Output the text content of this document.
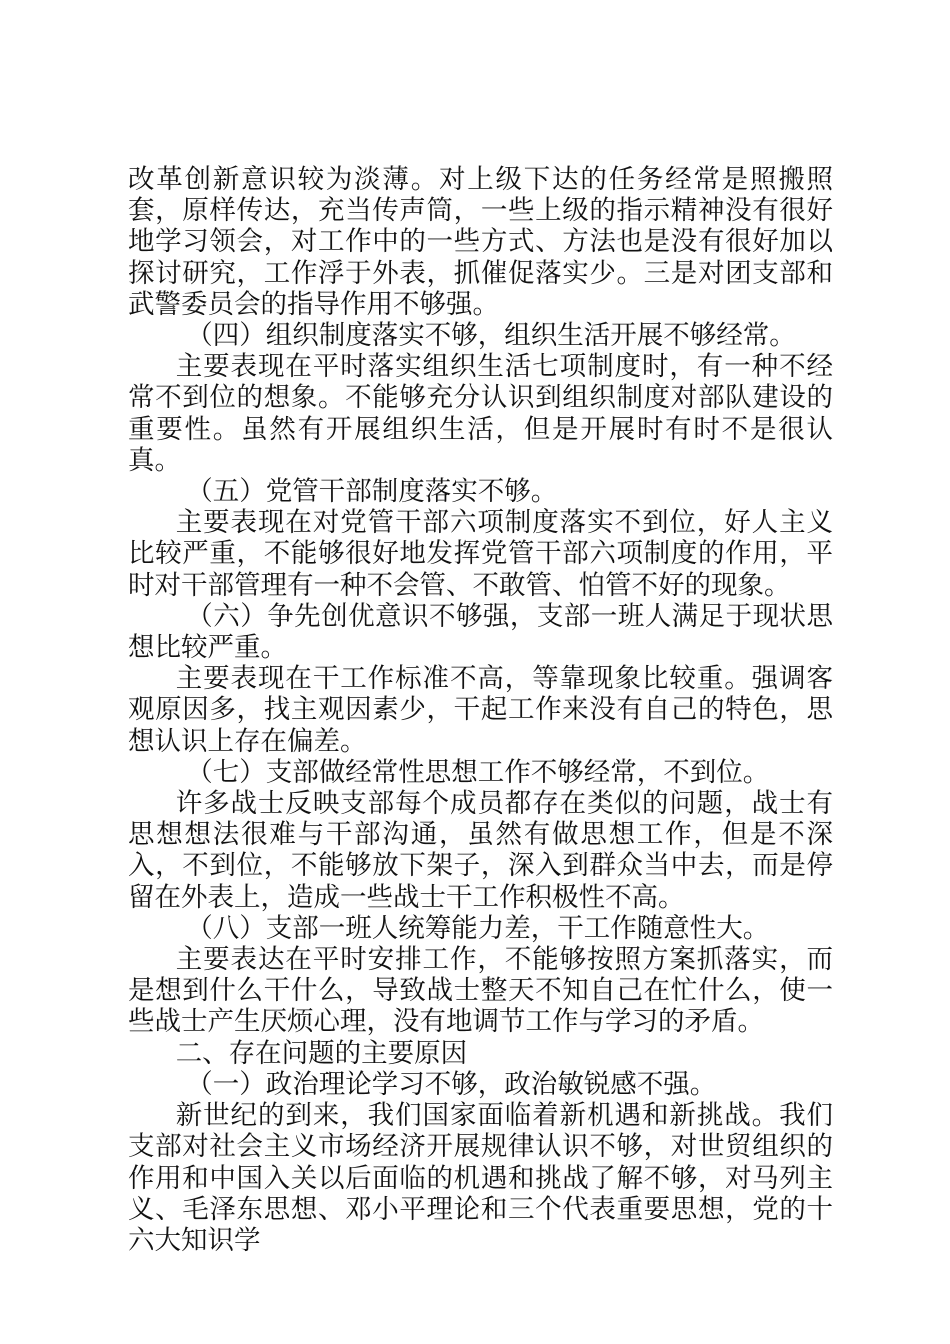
改革创新意识较为淡薄。对上级下达的任务经常是照搬照套，原样传达，充当传声筒，一些上级的指示精神没有很好地学习领会，对工作中的一些方式、方法也是没有很好加以探讨研究，工作浮于外表，抓催促落实少。三是对团支部和武警委员会的指导作用不够强。

（四）组织制度落实不够，组织生活开展不够经常。

主要表现在平时落实组织生活七项制度时，有一种不经常不到位的想象。不能够充分认识到组织制度对部队建设的重要性。虽然有开展组织生活，但是开展时有时不是很认真。

（五）党管干部制度落实不够。

主要表现在对党管干部六项制度落实不到位，好人主义比较严重，不能够很好地发挥党管干部六项制度的作用，平时对干部管理有一种不会管、不敢管、怕管不好的现象。

（六）争先创优意识不够强，支部一班人满足于现状思想比较严重。

主要表现在干工作标准不高，等靠现象比较重。强调客观原因多，找主观因素少，干起工作来没有自己的特色，思想认识上存在偏差。

（七）支部做经常性思想工作不够经常，不到位。

许多战士反映支部每个成员都存在类似的问题，战士有思想想法很难与干部沟通，虽然有做思想工作，但是不深入，不到位，不能够放下架子，深入到群众当中去，而是停留在外表上，造成一些战士干工作积极性不高。

（八）支部一班人统筹能力差，干工作随意性大。

主要表达在平时安排工作，不能够按照方案抓落实，而是想到什么干什么，导致战士整天不知自己在忙什么，使一些战士产生厌烦心理，没有地调节工作与学习的矛盾。

二、存在问题的主要原因

（一）政治理论学习不够，政治敏锐感不强。

新世纪的到来，我们国家面临着新机遇和新挑战。我们支部对社会主义市场经济开展规律认识不够，对世贸组织的作用和中国入关以后面临的机遇和挑战了解不够，对马列主义、毛泽东思想、邓小平理论和三个代表重要思想，党的十六大知识学
